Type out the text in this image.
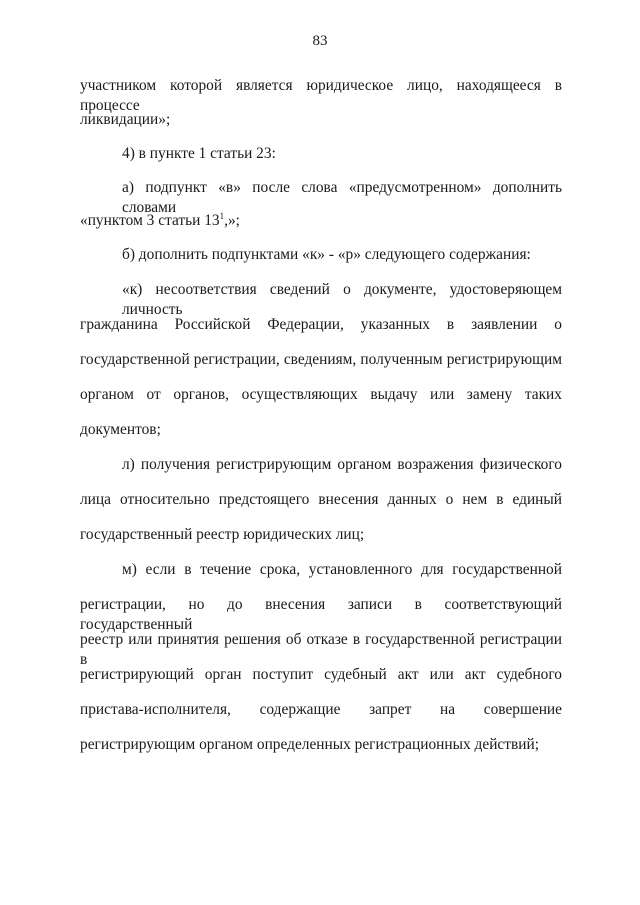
83
участником которой является юридическое лицо, находящееся в процессе
ликвидации»;
4) в пункте 1 статьи 23:
а) подпункт «в» после слова «предусмотренном» дополнить словами
«пунктом 3 статьи $13^1$,»;
б) дополнить подпунктами «к» - «р» следующего содержания:
«к) несоответствия сведений о документе, удостоверяющем личность
гражданина Российской Федерации, указанных в заявлении о
государственной регистрации, сведениям, полученным регистрирующим
органом от органов, осуществляющих выдачу или замену таких
документов;
л) получения регистрирующим органом возражения физического
лица относительно предстоящего внесения данных о нем в единый
государственный реестр юридических лиц;
м) если в течение срока, установленного для государственной
регистрации, но до внесения записи в соответствующий государственный
реестр или принятия решения об отказе в государственной регистрации в
регистрирующий орган поступит судебный акт или акт судебного
пристава-исполнителя, содержащие запрет на совершение
регистрирующим органом определенных регистрационных действий;
